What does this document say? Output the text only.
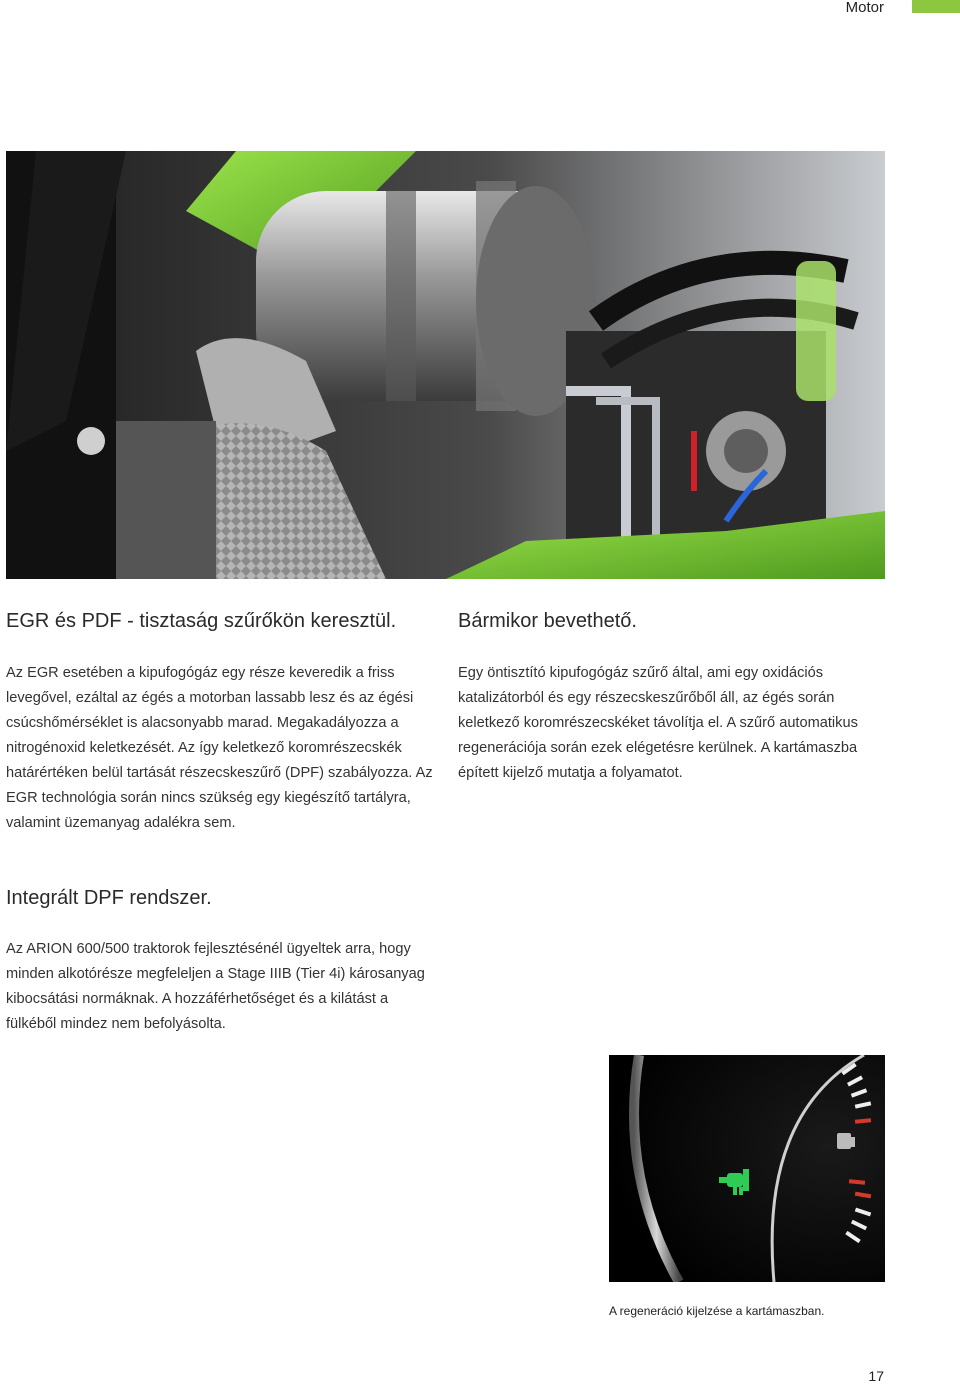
Motor
EGR és PDF - tisztaság szűrőkön keresztül.

Az EGR esetében a kipufogógáz egy része keveredik a friss levegővel, ezáltal az égés a motorban lassabb lesz és az égési csúcshőmérséklet is alacsonyabb marad. Megakadályozza a nitrogénoxid keletkezését. Az így keletkező koromrészecskék határértéken belül tartását részecskeszűrő (DPF) szabályozza. Az EGR technológia során nincs szükség egy kiegészítő tartályra, valamint üzemanyag adalékra sem.

Bármikor bevethető.

Egy öntisztító kipufogógáz szűrő által, ami egy oxidációs katalizátorból és egy részecskeszűrőből áll, az égés során keletkező koromrészecskéket távolítja el. A szűrő automatikus regenerációja során ezek elégetésre kerülnek. A kartámaszba épített kijelző mutatja a folyamatot.

Integrált DPF rendszer.

Az ARION 600/500 traktorok fejlesztésénél ügyeltek arra, hogy minden alkotórésze megfeleljen a Stage IIIB (Tier 4i) károsanyag kibocsátási normáknak. A hozzáférhetőséget és a kilátást a fülkéből mindez nem befolyásolta.

A regeneráció kijelzése a kartámaszban.
17
